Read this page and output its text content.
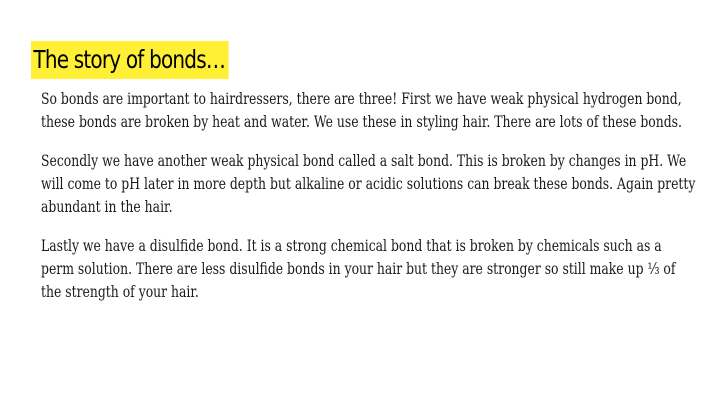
The story of bonds…

So bonds are important to hairdressers, there are three! First we have weak physical hydrogen bond, these bonds are broken by heat and water. We use these in styling hair. There are lots of these bonds.

Secondly we have another weak physical bond called a salt bond. This is broken by changes in pH. We will come to pH later in more depth but alkaline or acidic solutions can break these bonds. Again pretty abundant in the hair.

Lastly we have a disulfide bond. It is a strong chemical bond that is broken by chemicals such as a perm solution. There are less disulfide bonds in your hair but they are stronger so still make up ⅓ of the strength of your hair.
